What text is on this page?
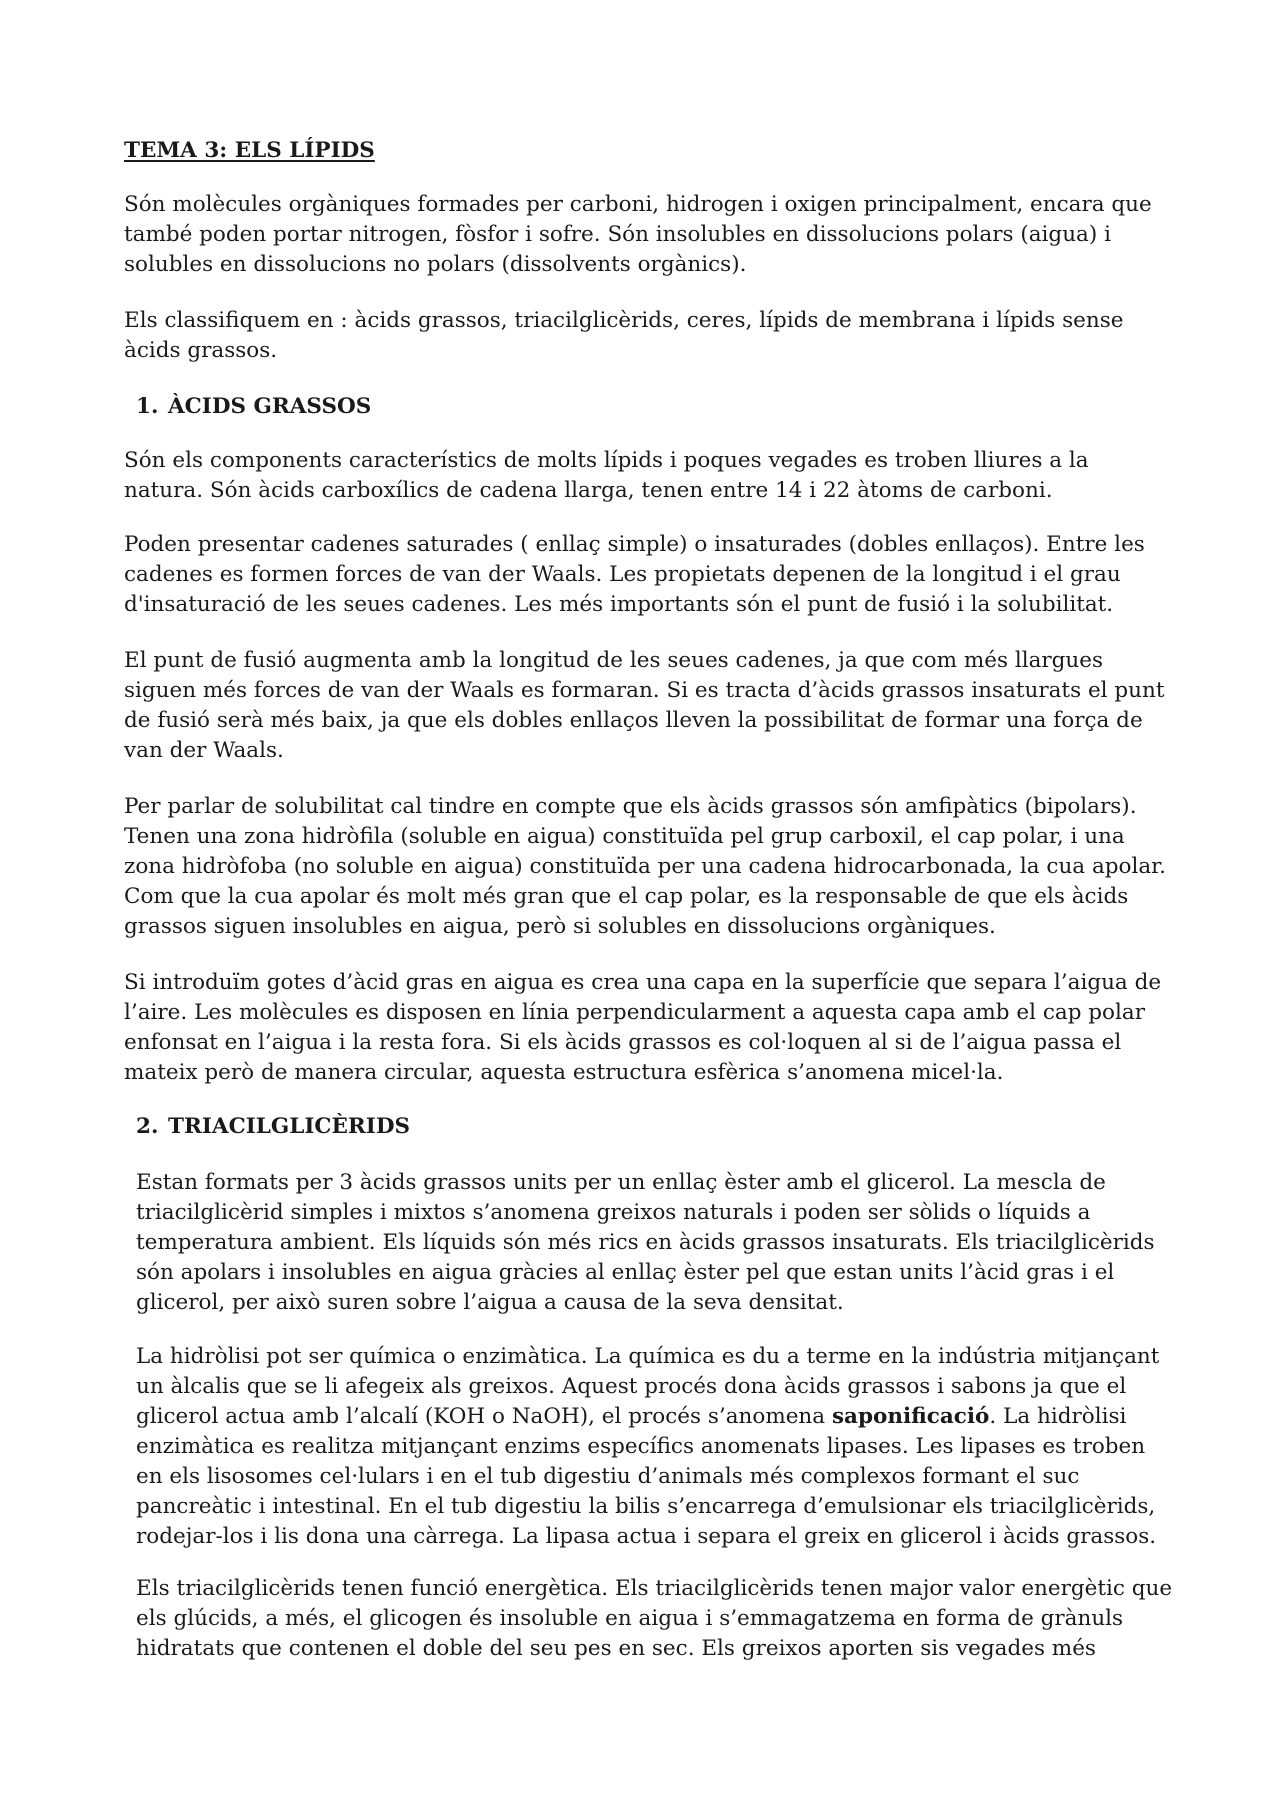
TEMA 3: ELS LÍPIDS

Són molècules orgàniques formades per carboni, hidrogen i oxigen principalment, encara que també poden portar nitrogen, fòsfor i sofre. Són insolubles en dissolucions polars (aigua) i solubles en dissolucions no polars (dissolvents orgànics).

Els classifiquem en : àcids grassos, triacilglicèrids, ceres, lípids de membrana i lípids sense àcids grassos.

1. ÀCIDS GRASSOS

Són els components característics de molts lípids i poques vegades es troben lliures a la natura. Són àcids carboxílics de cadena llarga, tenen entre 14 i 22 àtoms de carboni.

Poden presentar cadenes saturades ( enllaç simple) o insaturades (dobles enllaços). Entre les cadenes es formen forces de van der Waals. Les propietats depenen de la longitud i el grau d'insaturació de les seues cadenes. Les més importants són el punt de fusió i la solubilitat.

El punt de fusió augmenta amb la longitud de les seues cadenes, ja que com més llargues siguen més forces de van der Waals es formaran. Si es tracta d’àcids grassos insaturats el punt de fusió serà més baix, ja que els dobles enllaços lleven la possibilitat de formar una força de van der Waals.

Per parlar de solubilitat cal tindre en compte que els àcids grassos són amfipàtics (bipolars). Tenen una zona hidròfila (soluble en aigua) constituïda pel grup carboxil, el cap polar, i una zona hidròfoba (no soluble en aigua) constituïda per una cadena hidrocarbonada, la cua apolar. Com que la cua apolar és molt més gran que el cap polar, es la responsable de que els àcids grassos siguen insolubles en aigua, però si solubles en dissolucions orgàniques.

Si introduïm gotes d’àcid gras en aigua es crea una capa en la superfície que separa l’aigua de l’aire. Les molècules es disposen en línia perpendicularment a aquesta capa amb el cap polar enfonsat en l’aigua i la resta fora. Si els àcids grassos es col·loquen al si de l’aigua passa el mateix però de manera circular, aquesta estructura esfèrica s’anomena micel·la.

2. TRIACILGLICÈRIDS

Estan formats per 3 àcids grassos units per un enllaç èster amb el glicerol. La mescla de triacilglicèrid simples i mixtos s’anomena greixos naturals i poden ser sòlids o líquids a temperatura ambient. Els líquids són més rics en àcids grassos insaturats. Els triacilglicèrids són apolars i insolubles en aigua gràcies al enllaç èster pel que estan units l’àcid gras i el glicerol, per això suren sobre l’aigua a causa de la seva densitat.

La hidròlisi pot ser química o enzimàtica. La química es du a terme en la indústria mitjançant un àlcalis que se li afegeix als greixos. Aquest procés dona àcids grassos i sabons ja que el glicerol actua amb l’alcalí (KOH o NaOH), el procés s’anomena saponificació. La hidròlisi enzimàtica es realitza mitjançant enzims específics anomenats lipases. Les lipases es troben en els lisosomes cel·lulars i en el tub digestiu d’animals més complexos formant el suc pancreàtic i intestinal. En el tub digestiu la bilis s’encarrega d’emulsionar els triacilglicèrids, rodejar-los i lis dona una càrrega. La lipasa actua i separa el greix en glicerol i àcids grassos.

Els triacilglicèrids tenen funció energètica. Els triacilglicèrids tenen major valor energètic que els glúcids, a més, el glicogen és insoluble en aigua i s’emmagatzema en forma de grànuls hidratats que contenen el doble del seu pes en sec. Els greixos aporten sis vegades més
